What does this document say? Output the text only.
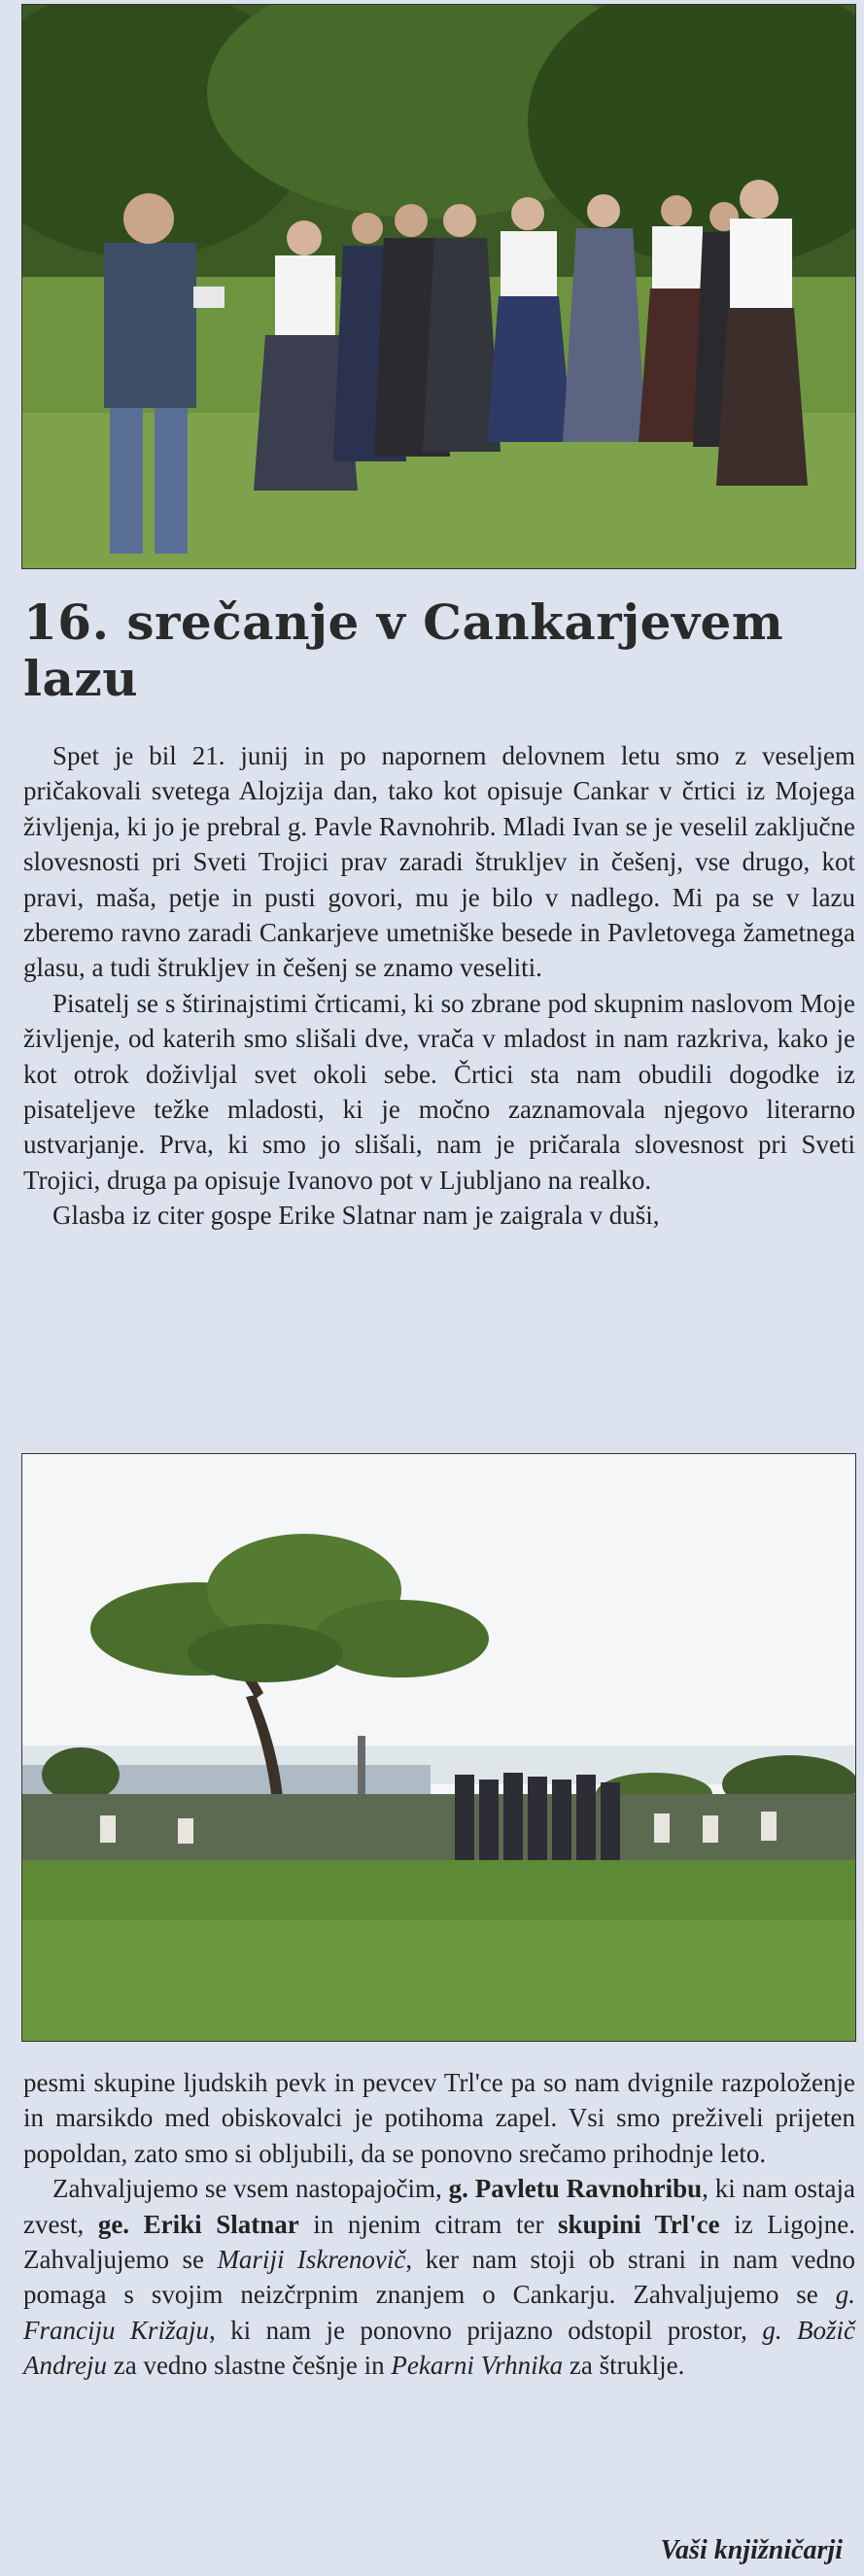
16. srečanje v Cankarjevem lazu

Spet je bil 21. junij in po napornem delovnem letu smo z veseljem pričakovali svetega Alojzija dan, tako kot opisuje Cankar v črtici iz Mojega življenja, ki jo je prebral g. Pavle Ravnohrib. Mladi Ivan se je veselil zaključne slovesnosti pri Sveti Trojici prav zaradi štrukljev in češenj, vse drugo, kot pravi, maša, petje in pusti govori, mu je bilo v nadlego. Mi pa se v lazu zberemo ravno zaradi Cankarjeve umetniške besede in Pavletovega žametnega glasu, a tudi štrukljev in češenj se znamo veseliti.

Pisatelj se s štirinajstimi črticami, ki so zbrane pod skupnim naslovom Moje življenje, od katerih smo slišali dve, vrača v mladost in nam razkriva, kako je kot otrok doživljal svet okoli sebe. Črtici sta nam obudili dogodke iz pisateljeve težke mladosti, ki je močno zaznamovala njegovo literarno ustvarjanje. Prva, ki smo jo slišali, nam je pričarala slovesnost pri Sveti Trojici, druga pa opisuje Ivanovo pot v Ljubljano na realko.

Glasba iz citer gospe Erike Slatnar nam je zaigrala v duši,

pesmi skupine ljudskih pevk in pevcev Trl'ce pa so nam dvignile razpoloženje in marsikdo med obiskovalci je potihoma zapel. Vsi smo preživeli prijeten popoldan, zato smo si obljubili, da se ponovno srečamo prihodnje leto.

Zahvaljujemo se vsem nastopajočim, g. Pavletu Ravnohribu, ki nam ostaja zvest, ge. Eriki Slatnar in njenim citram ter skupini Trl'ce iz Ligojne. Zahvaljujemo se Mariji Iskrenovič, ker nam stoji ob strani in nam vedno pomaga s svojim neizčrpnim znanjem o Cankarju. Zahvaljujemo se g. Franciju Križaju, ki nam je ponovno prijazno odstopil prostor, g. Božič Andreju za vedno slastne češnje in Pekarni Vrhnika za štruklje.

Vaši knjižničarji
